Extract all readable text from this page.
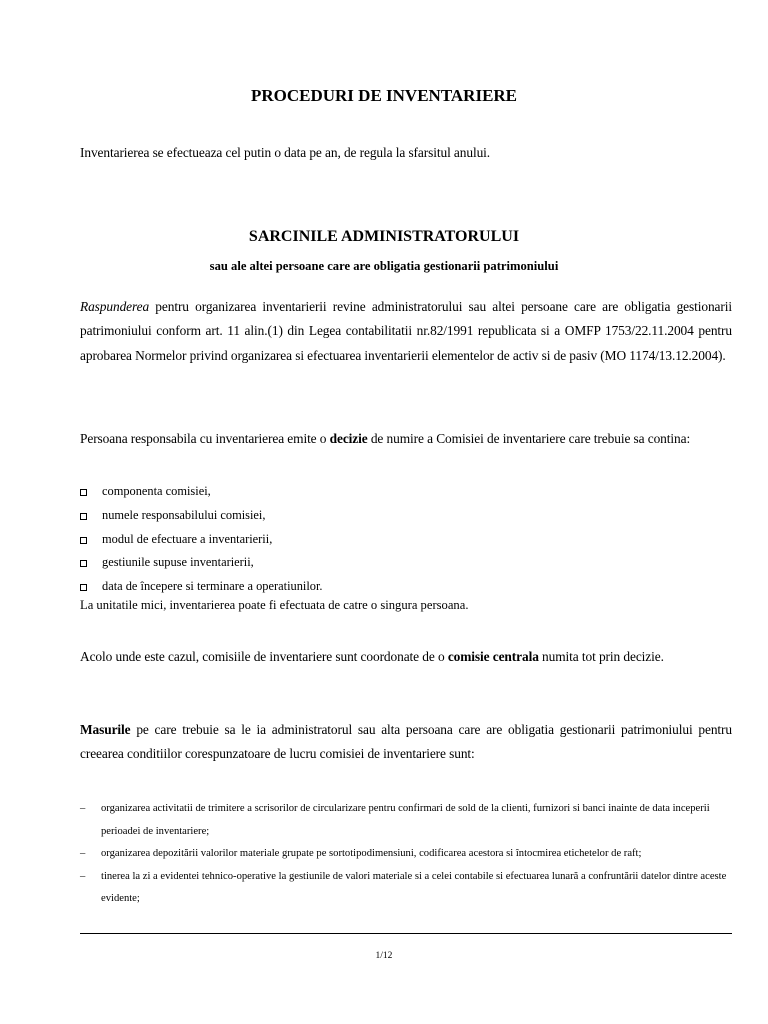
PROCEDURI DE INVENTARIERE
Inventarierea se efectueaza cel putin o data pe an, de regula la sfarsitul anului.
SARCINILE ADMINISTRATORULUI
sau ale altei persoane care are obligatia gestionarii patrimoniului
Raspunderea pentru organizarea inventarierii revine administratorului sau altei persoane care are obligatia gestionarii patrimoniului conform art. 11 alin.(1) din Legea contabilitatii nr.82/1991 republicata si a OMFP 1753/22.11.2004 pentru aprobarea Normelor privind organizarea si efectuarea inventarierii elementelor de activ si de pasiv (MO 1174/13.12.2004).
Persoana responsabila cu inventarierea emite o decizie de numire a Comisiei de inventariere care trebuie sa contina:
componenta comisiei,
numele responsabilului comisiei,
modul de efectuare a inventarierii,
gestiunile supuse inventarierii,
data de începere si terminare a operatiunilor.
La unitatile mici, inventarierea poate fi efectuata de catre o singura persoana.
Acolo unde este cazul, comisiile de inventariere sunt coordonate de o comisie centrala numita tot prin decizie.
Masurile pe care trebuie sa le ia administratorul sau alta persoana care are obligatia gestionarii patrimoniului pentru creearea conditiilor corespunzatoare de lucru comisiei de inventariere sunt:
– organizarea activitatii de trimitere a scrisorilor de circularizare pentru confirmari de sold de la clienti, furnizori si banci inainte de data inceperii perioadei de inventariere;
– organizarea depozitării valorilor materiale grupate pe sortotipodimensiuni, codificarea acestora si întocmirea etichetelor de raft;
– tinerea la zi a evidentei tehnico-operative la gestiunile de valori materiale si a celei contabile si efectuarea lunară a confruntării datelor dintre aceste evidente;
1/12
